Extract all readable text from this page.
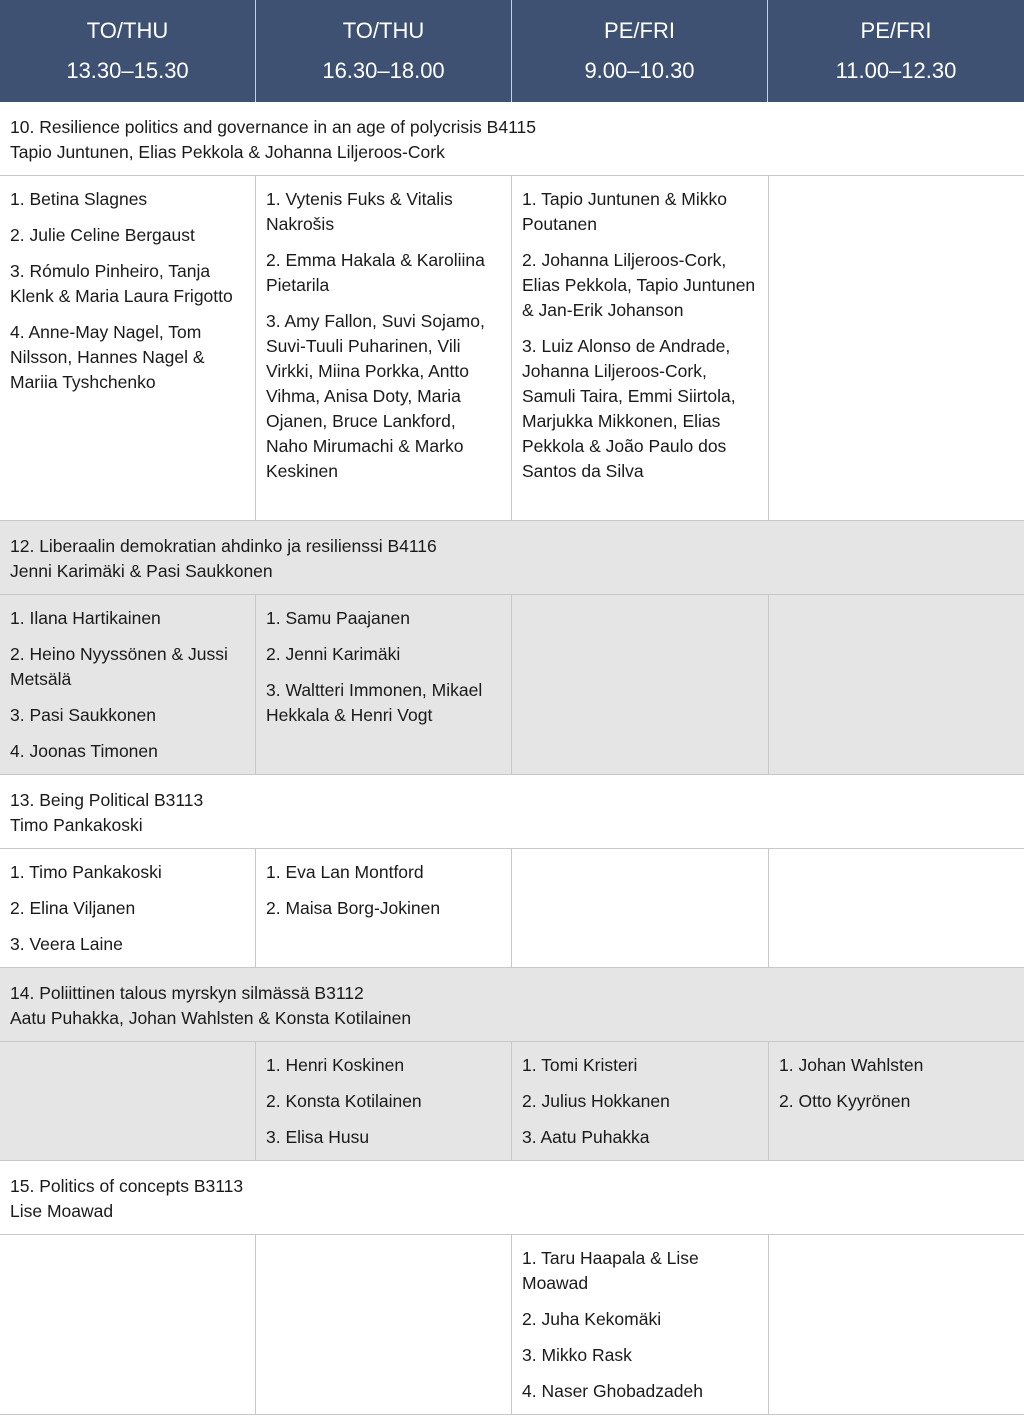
TO/THU
13.30–15.30
TO/THU
16.30–18.00
PE/FRI
9.00–10.30
PE/FRI
11.00–12.30
10. Resilience politics and governance in an age of polycrisis B4115
Tapio Juntunen, Elias Pekkola & Johanna Liljeroos-Cork
1. Betina Slagnes
2. Julie Celine Bergaust
3. Rómulo Pinheiro, Tanja Klenk & Maria Laura Frigotto
4. Anne-May Nagel, Tom Nilsson, Hannes Nagel & Mariia Tyshchenko
1. Vytenis Fuks & Vitalis Nakrošis
2. Emma Hakala & Karoliina Pietarila
3. Amy Fallon, Suvi Sojamo, Suvi-Tuuli Puharinen, Vili Virkki, Miina Porkka, Antto Vihma, Anisa Doty, Maria Ojanen, Bruce Lankford, Naho Mirumachi & Marko Keskinen
1. Tapio Juntunen & Mikko Poutanen
2. Johanna Liljeroos-Cork, Elias Pekkola, Tapio Juntunen & Jan-Erik Johanson
3. Luiz Alonso de Andrade, Johanna Liljeroos-Cork, Samuli Taira, Emmi Siirtola, Marjukka Mikkonen, Elias Pekkola & João Paulo dos Santos da Silva
12. Liberaalin demokratian ahdinko ja resilienssi B4116
Jenni Karimäki & Pasi Saukkonen
1. Ilana Hartikainen
2. Heino Nyyssönen & Jussi Metsälä
3. Pasi Saukkonen
4. Joonas Timonen
1. Samu Paajanen
2. Jenni Karimäki
3. Waltteri Immonen, Mikael Hekkala & Henri Vogt
13. Being Political B3113
Timo Pankakoski
1. Timo Pankakoski
2. Elina Viljanen
3. Veera Laine
1. Eva Lan Montford
2. Maisa Borg-Jokinen
14. Poliittinen talous myrskyn silmässä B3112
Aatu Puhakka, Johan Wahlsten & Konsta Kotilainen
1. Henri Koskinen
2. Konsta Kotilainen
3. Elisa Husu
1. Tomi Kristeri
2. Julius Hokkanen
3. Aatu Puhakka
1. Johan Wahlsten
2. Otto Kyyrönen
15. Politics of concepts B3113
Lise Moawad
1. Taru Haapala & Lise Moawad
2. Juha Kekomäki
3. Mikko Rask
4. Naser Ghobadzadeh
